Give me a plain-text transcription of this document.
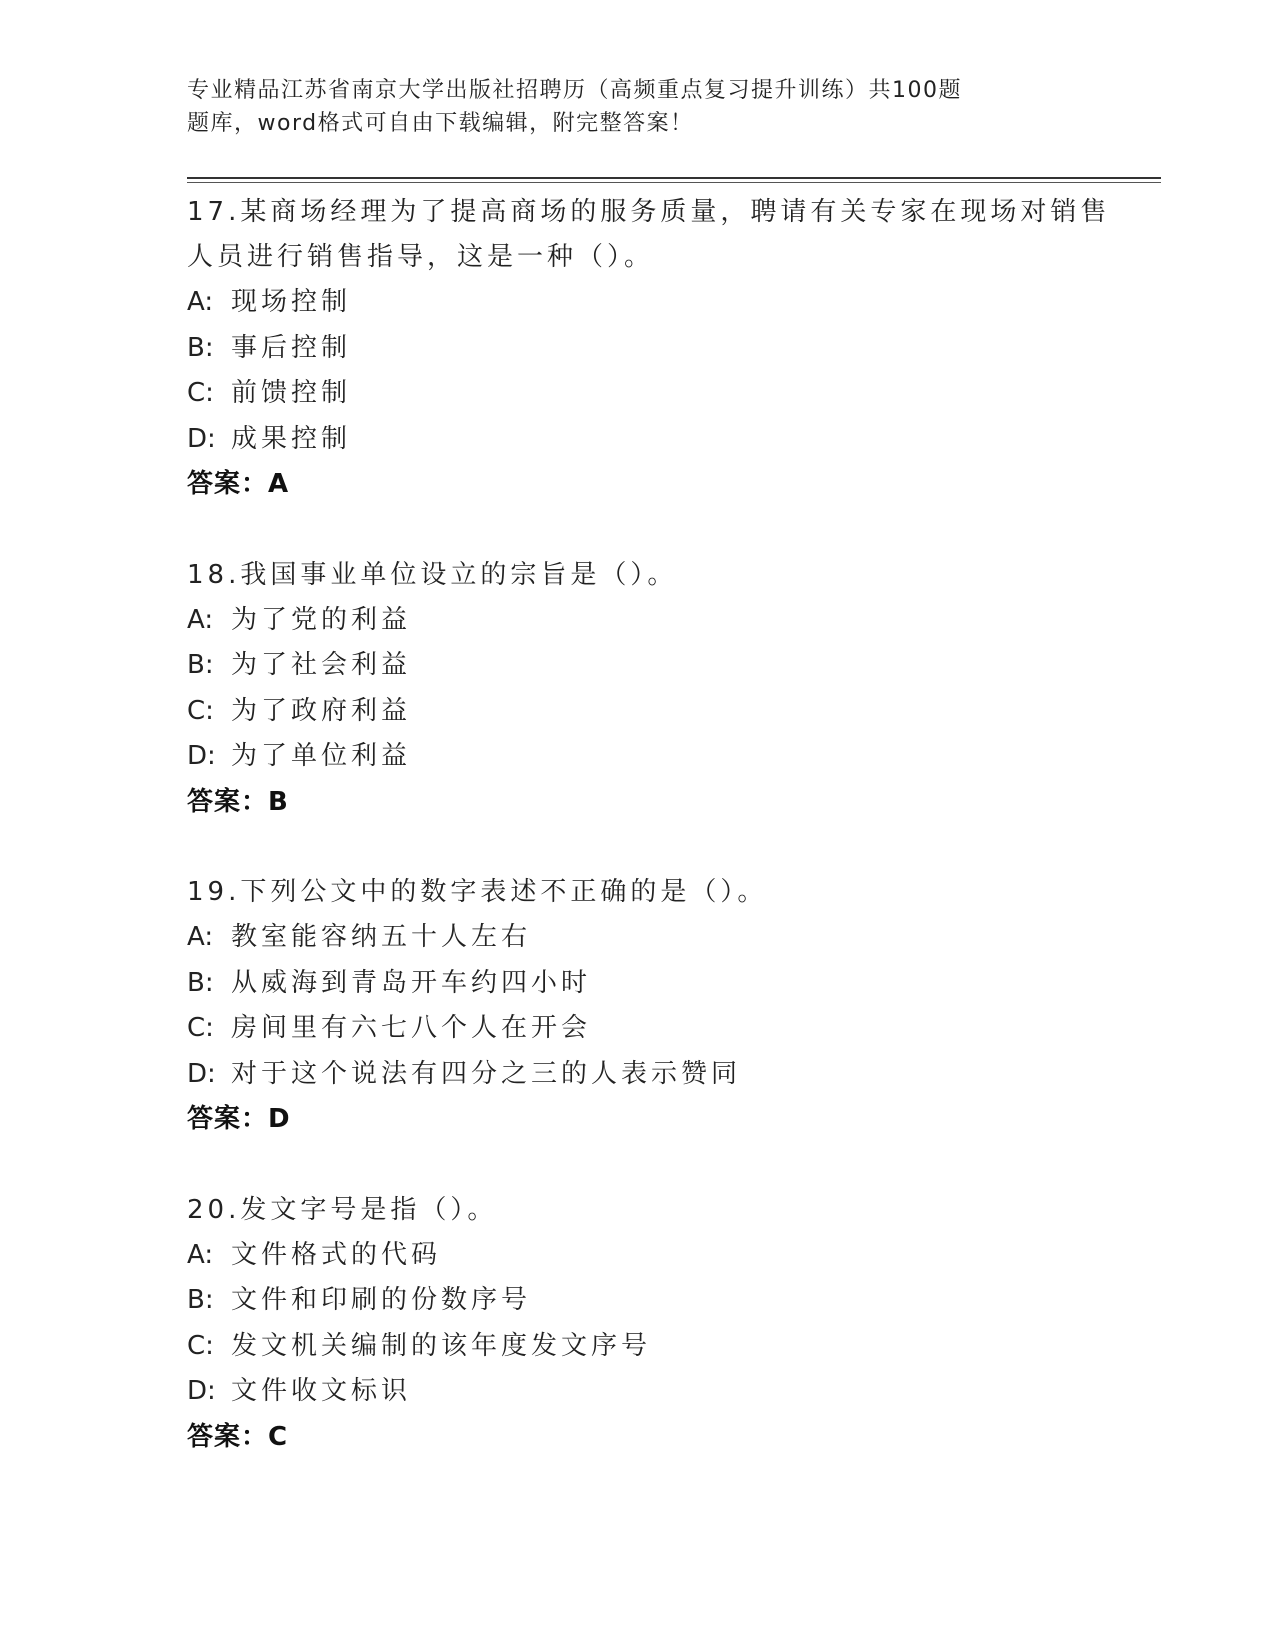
专业精品江苏省南京大学出版社招聘历（高频重点复习提升训练）共100题
题库，word格式可自由下载编辑，附完整答案！
17.某商场经理为了提高商场的服务质量，聘请有关专家在现场对销售
人员进行销售指导，这是一种（）。
A: 现场控制
B: 事后控制
C: 前馈控制
D: 成果控制
答案：A
18.我国事业单位设立的宗旨是（）。
A: 为了党的利益
B: 为了社会利益
C: 为了政府利益
D: 为了单位利益
答案：B
19.下列公文中的数字表述不正确的是（）。
A: 教室能容纳五十人左右
B: 从威海到青岛开车约四小时
C: 房间里有六七八个人在开会
D: 对于这个说法有四分之三的人表示赞同
答案：D
20.发文字号是指（）。
A: 文件格式的代码
B: 文件和印刷的份数序号
C: 发文机关编制的该年度发文序号
D: 文件收文标识
答案：C
